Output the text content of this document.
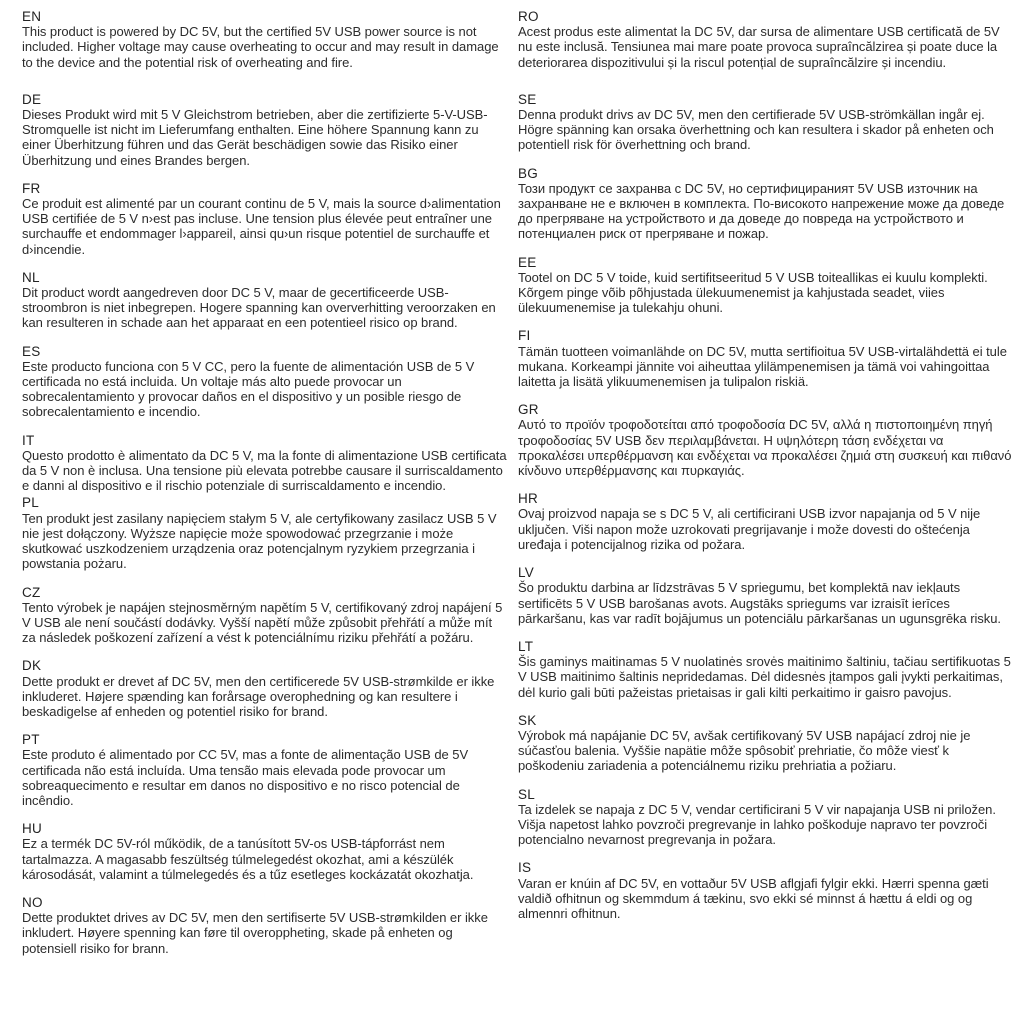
EN

This product is powered by DC 5V, but the certified 5V USB power source is not included. Higher voltage may cause overheating to occur and may result in damage to the device and the potential risk of overheating and fire.

DE

Dieses Produkt wird mit 5 V Gleichstrom betrieben, aber die zertifizierte 5-V-USB-Stromquelle ist nicht im Lieferumfang enthalten. Eine höhere Spannung kann zu einer Überhitzung führen und das Gerät beschädigen sowie das Risiko einer Überhitzung und eines Brandes bergen.

FR

Ce produit est alimenté par un courant continu de 5 V, mais la source d›alimentation USB certifiée de 5 V n›est pas incluse. Une tension plus élevée peut entraîner une surchauffe et endommager l›appareil, ainsi qu›un risque potentiel de surchauffe et d›incendie.

NL

Dit product wordt aangedreven door DC 5 V, maar de gecertificeerde USB-stroombron is niet inbegrepen. Hogere spanning kan oververhitting veroorzaken en kan resulteren in schade aan het apparaat en een potentieel risico op brand.

ES

Este producto funciona con 5 V CC, pero la fuente de alimentación USB de 5 V certificada no está incluida. Un voltaje más alto puede provocar un sobrecalentamiento y provocar daños en el dispositivo y un posible riesgo de sobrecalentamiento e incendio.

IT

Questo prodotto è alimentato da DC 5 V, ma la fonte di alimentazione USB certificata da 5 V non è inclusa. Una tensione più elevata potrebbe causare il surriscaldamento e danni al dispositivo e il rischio potenziale di surriscaldamento e incendio.

PL

Ten produkt jest zasilany napięciem stałym 5 V, ale certyfikowany zasilacz USB 5 V nie jest dołączony. Wyższe napięcie może spowodować przegrzanie i może skutkować uszkodzeniem urządzenia oraz potencjalnym ryzykiem przegrzania i powstania pożaru.

CZ

Tento výrobek je napájen stejnosměrným napětím 5 V, certifikovaný zdroj napájení 5 V USB ale není součástí dodávky. Vyšší napětí může způsobit přehřátí a může mít za následek poškození zařízení a vést k potenciálnímu riziku přehřátí a požáru.

DK

Dette produkt er drevet af DC 5V, men den certificerede 5V USB-strømkilde er ikke inkluderet. Højere spænding kan forårsage overophedning og kan resultere i beskadigelse af enheden og potentiel risiko for brand.

PT

Este produto é alimentado por CC 5V, mas a fonte de alimentação USB de 5V certificada não está incluída. Uma tensão mais elevada pode provocar um sobreaquecimento e resultar em danos no dispositivo e no risco potencial de incêndio.

HU

Ez a termék DC 5V-ról működik, de a tanúsított 5V-os USB-tápforrást nem tartalmazza. A magasabb feszültség túlmelegedést okozhat, ami a készülék károsodását, valamint a túlmelegedés és a tűz esetleges kockázatát okozhatja.

NO

Dette produktet drives av DC 5V, men den sertifiserte 5V USB-strømkilden er ikke inkludert. Høyere spenning kan føre til overoppheting, skade på enheten og potensiell risiko for brann.

RO

Acest produs este alimentat la DC 5V, dar sursa de alimentare USB certificată de 5V nu este inclusă. Tensiunea mai mare poate provoca supraîncălzirea și poate duce la deteriorarea dispozitivului și la riscul potențial de supraîncălzire și incendiu.

SE

Denna produkt drivs av DC 5V, men den certifierade 5V USB-strömkällan ingår ej. Högre spänning kan orsaka överhettning och kan resultera i skador på enheten och potentiell risk för överhettning och brand.

BG

Този продукт се захранва с DC 5V, но сертифицираният 5V USB източник на захранване не е включен в комплекта. По-високото напрежение може да доведе до прегряване на устройството и да доведе до повреда на устройството и потенциален риск от прегряване и пожар.

EE

Tootel on DC 5 V toide, kuid sertifitseeritud 5 V USB toiteallikas ei kuulu komplekti. Kõrgem pinge võib põhjustada ülekuumenemist ja kahjustada seadet, viies ülekuumenemise ja tulekahju ohuni.

FI

Tämän tuotteen voimanlähde on DC 5V, mutta sertifioitua 5V USB-virtalähdettä ei tule mukana. Korkeampi jännite voi aiheuttaa ylilämpenemisen ja tämä voi vahingoittaa laitetta ja lisätä ylikuumenemisen ja tulipalon riskiä.

GR

Αυτό το προϊόν τροφοδοτείται από τροφοδοσία DC 5V, αλλά η πιστοποιημένη πηγή τροφοδοσίας 5V USB δεν περιλαμβάνεται. Η υψηλότερη τάση ενδέχεται να προκαλέσει υπερθέρμανση και ενδέχεται να προκαλέσει ζημιά στη συσκευή και πιθανό κίνδυνο υπερθέρμανσης και πυρκαγιάς.

HR

Ovaj proizvod napaja se s DC 5 V, ali certificirani USB izvor napajanja od 5 V nije uključen. Viši napon može uzrokovati pregrijavanje i može dovesti do oštećenja uređaja i potencijalnog rizika od požara.

LV

Šo produktu darbina ar līdzstrāvas 5 V spriegumu, bet komplektā nav iekļauts sertificēts 5 V USB barošanas avots. Augstāks spriegums var izraisīt ierīces pārkaršanu, kas var radīt bojājumus un potenciālu pārkaršanas un ugunsgrēka risku.

LT

Šis gaminys maitinamas 5 V nuolatinės srovės maitinimo šaltiniu, tačiau sertifikuotas 5 V USB maitinimo šaltinis nepridedamas. Dėl didesnės įtampos gali įvykti perkaitimas, dėl kurio gali būti pažeistas prietaisas ir gali kilti perkaitimo ir gaisro pavojus.

SK

Výrobok má napájanie DC 5V, avšak certifikovaný 5V USB napájací zdroj nie je súčasťou balenia. Vyššie napätie môže spôsobiť prehriatie, čo môže viesť k poškodeniu zariadenia a potenciálnemu riziku prehriatia a požiaru.

SL

Ta izdelek se napaja z DC 5 V, vendar certificirani 5 V vir napajanja USB ni priložen. Višja napetost lahko povzroči pregrevanje in lahko poškoduje napravo ter povzroči potencialno nevarnost pregrevanja in požara.

IS

Varan er knúin af DC 5V, en vottaður 5V USB aflgjafi fylgir ekki. Hærri spenna gæti valdið ofhitnun og skemmdum á tækinu, svo ekki sé minnst á hættu á eldi og og almennri ofhitnun.
